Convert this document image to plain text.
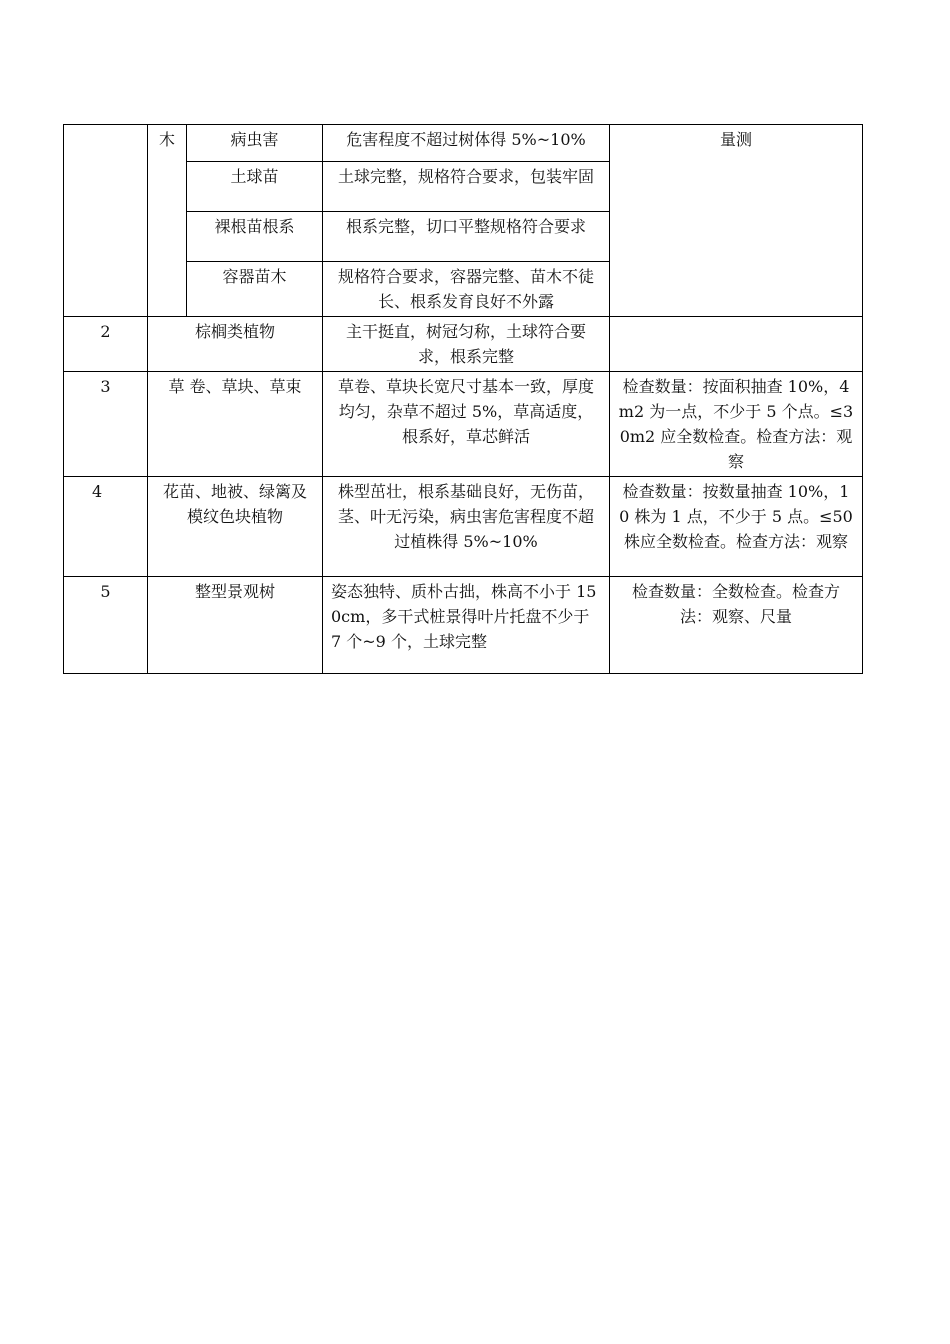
	木	病虫害	危害程度不超过树体得 5%~10%	量测
		土球苗	土球完整，规格符合要求，包装牢固	
		裸根苗根系	根系完整，切口平整规格符合要求	
		容器苗木	规格符合要求，容器完整、苗木不徒长、根系发育良好不外露	
2	棕榈类植物		主干挺直，树冠匀称，土球符合要求，根系完整	
3	草 卷、草块、草束		草卷、草块长宽尺寸基本一致，厚度均匀，杂草不超过 5%，草高适度，根系好，草芯鲜活	检查数量：按面积抽查 10%，4m2 为一点，不少于 5 个点。≤30m2 应全数检查。检查方法：观察
4	花苗、地被、绿篱及模纹色块植物		株型茁壮，根系基础良好，无伤苗，茎、叶无污染，病虫害危害程度不超过植株得 5%~10%	检查数量：按数量抽查 10%，10 株为 1 点，不少于 5 点。≤50 株应全数检查。检查方法：观察
5	整型景观树		姿态独特、质朴古拙，株高不小于 150cm，多干式桩景得叶片托盘不少于 7 个~9 个，土球完整	检查数量：全数检查。检查方法：观察、尺量
